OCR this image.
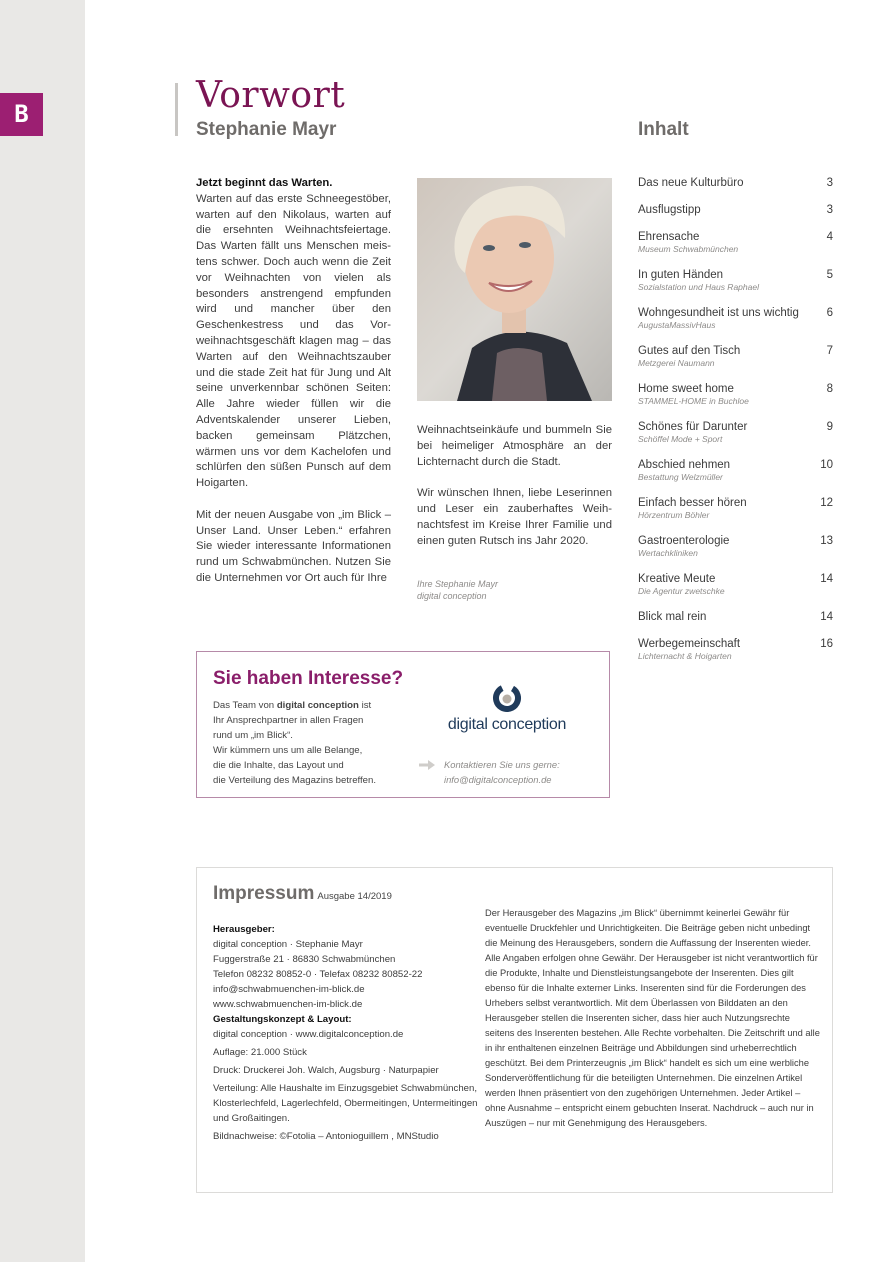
B	Vorwort
Stephanie Mayr	Inhalt

Jetzt beginnt das Warten.
Warten auf das erste Schneegestöber, warten auf den Nikolaus, warten auf die ersehnten Weihnachtsfeiertage. Das Warten fällt uns Menschen meistens schwer. Doch auch wenn die Zeit vor Weihnachten von vielen als besonders anstrengend empfunden wird und mancher über den Geschenkestress und das Vorweihnachtsgeschäft klagen mag – das Warten auf den Weihnachtszauber und die stade Zeit hat für Jung und Alt seine unverkennbar schönen Seiten: Alle Jahre wieder füllen wir die Adventskalender unserer Lieben, backen gemeinsam Plätzchen, wärmen uns vor dem Kachelofen und schlürfen den süßen Punsch auf dem Hoigarten.

Mit der neuen Ausgabe von „im Blick – Unser Land. Unser Leben.“ erfahren Sie wieder interessante Informationen rund um Schwabmünchen. Nutzen Sie die Unternehmen vor Ort auch für Ihre

Weihnachtseinkäufe und bummeln Sie bei heimeliger Atmosphäre an der Lichternacht durch die Stadt.

Wir wünschen Ihnen, liebe Leserinnen und Leser ein zauberhaftes Weihnachtsfest im Kreise Ihrer Familie und einen guten Rutsch ins Jahr 2020.

Ihre Stephanie Mayr
digital conception
Das neue Kulturbüro	3
Ausflugstipp	3
Ehrensache	4
Museum Schwabmünchen
In guten Händen	5
Sozialstation und Haus Raphael
Wohngesundheit ist uns wichtig 6
AugustaMassivHaus
Gutes auf den Tisch	7
Metzgerei Naumann
Home sweet home	8
STAMMEL-HOME in Buchloe
Schönes für Darunter	9
Schöffel Mode + Sport
Abschied nehmen	10
Bestattung Welzmüller
Einfach besser hören	12
Hörzentrum Böhler
Gastroenterologie	13
Wertachkliniken
Kreative Meute	14
Die Agentur zwetschke
Blick mal rein	14
Werbegemeinschaft	16
Lichternacht & Hoigarten
Sie haben Interesse?
Das Team von digital conception ist
Ihr Ansprechpartner in allen Fragen
rund um „im Blick“.
Wir kümmern uns um alle Belange,
die die Inhalte, das Layout und
die Verteilung des Magazins betreffen.
digital conception
Kontaktieren Sie uns gerne:
info@digitalconception.de
Impressum Ausgabe 14/2019
Herausgeber:
digital conception · Stephanie Mayr
Fuggerstraße 21 · 86830 Schwabmünchen
Telefon 08232 80852-0 · Telefax 08232 80852-22
info@schwabmuenchen-im-blick.de
www.schwabmuenchen-im-blick.de
Gestaltungskonzept & Layout:
digital conception · www.digitalconception.de
Auflage: 21.000 Stück
Druck: Druckerei Joh. Walch, Augsburg · Naturpapier
Verteilung: Alle Haushalte im Einzugsgebiet Schwabmünchen, Klosterlechfeld, Lagerlechfeld, Obermeitingen, Untermeitingen und Großaitingen.
Bildnachweise: ©Fotolia – Antonioguillem , MNStudio
Der Herausgeber des Magazins „im Blick“ übernimmt keinerlei Gewähr für eventuelle Druckfehler und Unrichtigkeiten. Die Beiträge geben nicht unbedingt die Meinung des Herausgebers, sondern die Auffassung der Inserenten wieder. Alle Angaben erfolgen ohne Gewähr. Der Herausgeber ist nicht verantwortlich für die Produkte, Inhalte und Dienstleistungsangebote der Inserenten. Dies gilt ebenso für die Inhalte externer Links. Inserenten sind für die Forderungen des Urhebers selbst verantwortlich. Mit dem Überlassen von Bilddaten an den Herausgeber stellen die Inserenten sicher, dass hier auch Nutzungsrechte seitens des Inserenten bestehen. Alle Rechte vorbehalten. Die Zeitschrift und alle in ihr enthaltenen einzelnen Beiträge und Abbildungen sind urheberrechtlich geschützt. Bei dem Printerzeugnis „im Blick“ handelt es sich um eine werbliche Sonderveröffentlichung für die beteiligten Unternehmen. Die einzelnen Artikel werden Ihnen präsentiert von den zugehörigen Unternehmen. Jeder Artikel – ohne Ausnahme – entspricht einem gebuchten Inserat. Nachdruck – auch nur in Auszügen – nur mit Genehmigung des Herausgebers.
